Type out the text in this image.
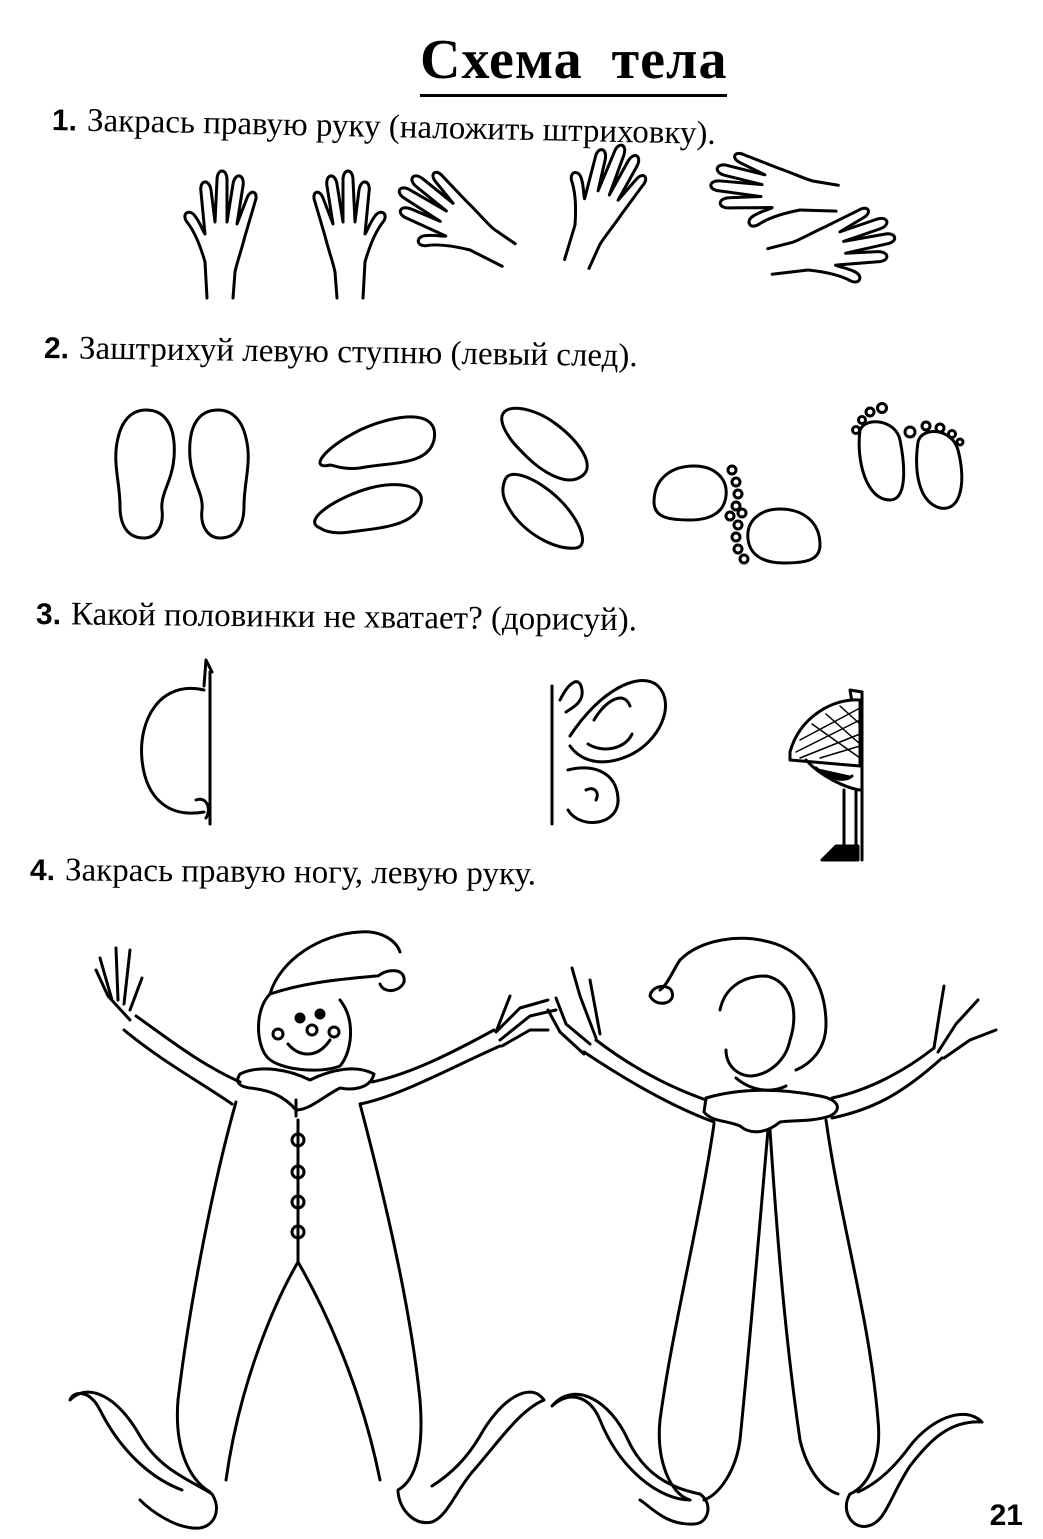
Схема тела
1. Закрась правую руку (наложить штриховку).
2. Заштрихуй левую ступню (левый след).
3. Какой половинки не хватает? (дорисуй).
4. Закрась правую ногу, левую руку.
21
